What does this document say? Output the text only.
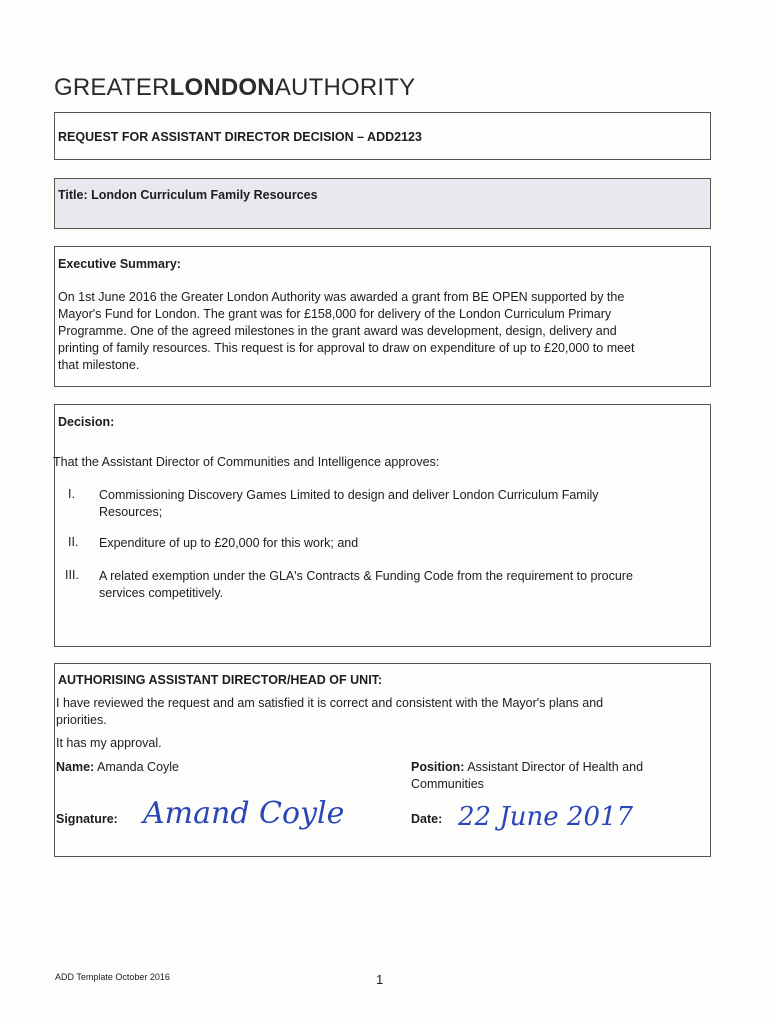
GREATERLONDONAUTHORITY
REQUEST FOR ASSISTANT DIRECTOR DECISION – ADD2123
Title: London Curriculum Family Resources
Executive Summary:
On 1st June 2016 the Greater London Authority was awarded a grant from BE OPEN supported by the
Mayor's Fund for London. The grant was for £158,000 for delivery of the London Curriculum Primary
Programme. One of the agreed milestones in the grant award was development, design, delivery and
printing of family resources. This request is for approval to draw on expenditure of up to £20,000 to meet
that milestone.
Decision:
That the Assistant Director of Communities and Intelligence approves:
I. Commissioning Discovery Games Limited to design and deliver London Curriculum Family
Resources;
II. Expenditure of up to £20,000 for this work; and
III. A related exemption under the GLA's Contracts & Funding Code from the requirement to procure
services competitively.
AUTHORISING ASSISTANT DIRECTOR/HEAD OF UNIT:
I have reviewed the request and am satisfied it is correct and consistent with the Mayor's plans and
priorities.
It has my approval.
Name: Amanda Coyle	Position: Assistant Director of Health and
Communities
Signature: Amand Coyle	Date: 22 June 2017
ADD Template October 2016	1
